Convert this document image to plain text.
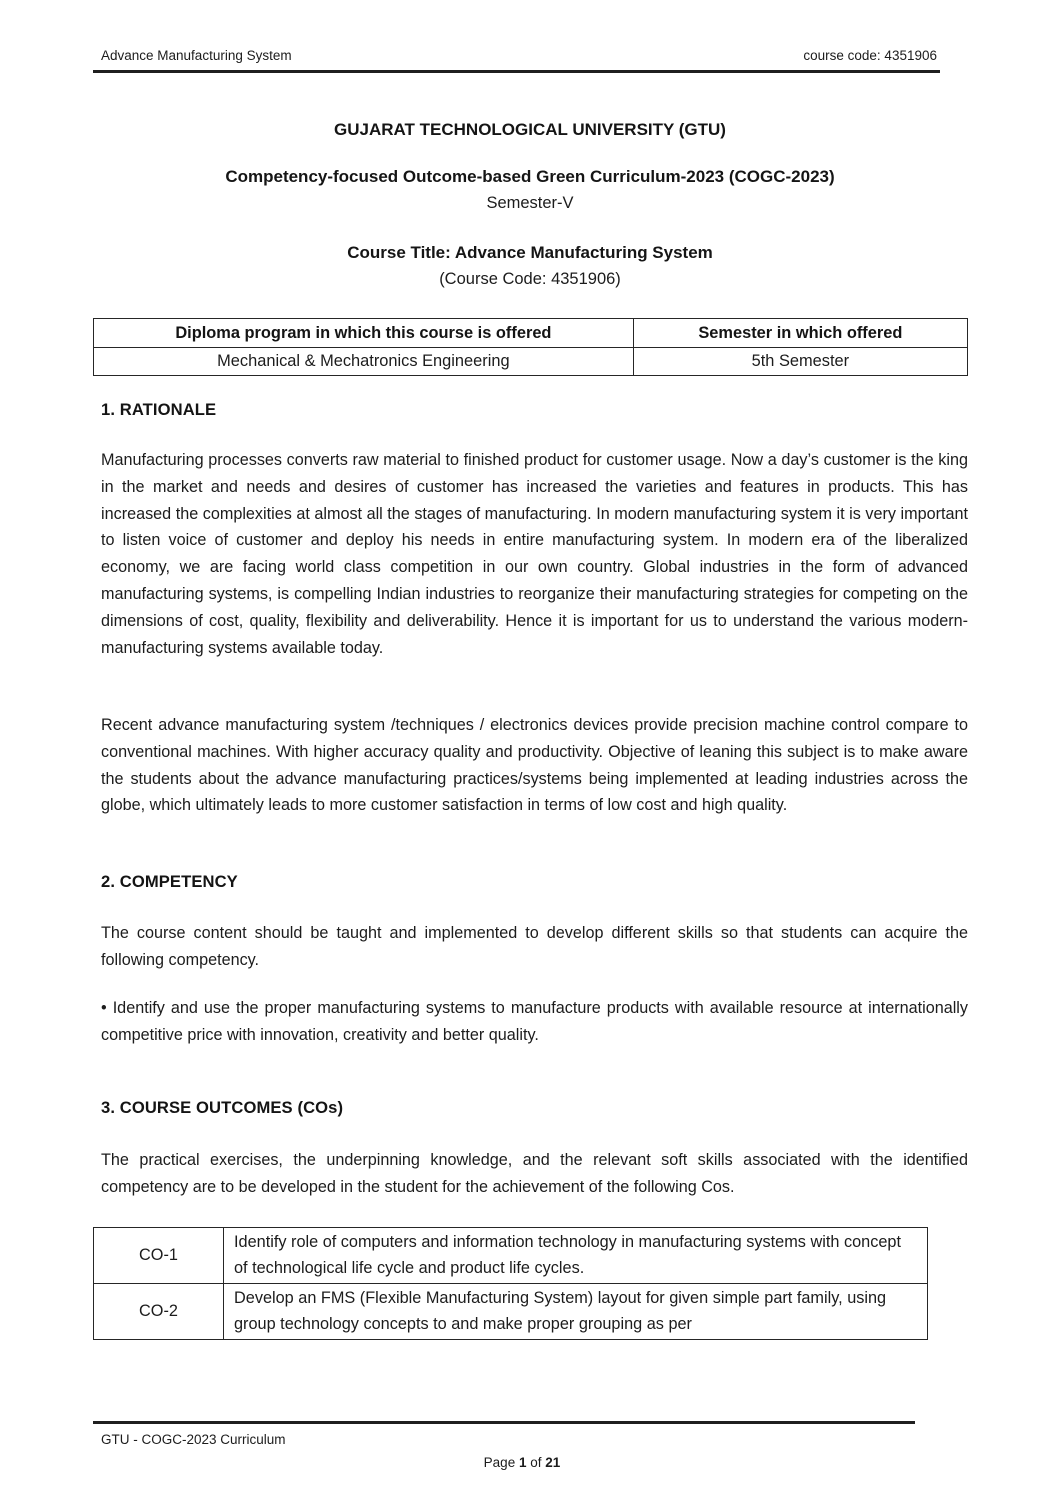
Advance Manufacturing System	course code: 4351906
GUJARAT TECHNOLOGICAL UNIVERSITY (GTU)
Competency-focused Outcome-based Green Curriculum-2023 (COGC-2023)
Semester-V
Course Title: Advance Manufacturing System
(Course Code: 4351906)
Diploma program in which this course is offered	Semester in which offered
Mechanical & Mechatronics Engineering	5th Semester
1. RATIONALE

Manufacturing processes converts raw material to finished product for customer usage. Now a day’s customer is the king in the market and needs and desires of customer has increased the varieties and features in products. This has increased the complexities at almost all the stages of manufacturing. In modern manufacturing system it is very important to listen voice of customer and deploy his needs in entire manufacturing system. In modern era of the liberalized economy, we are facing world class competition in our own country. Global industries in the form of advanced manufacturing systems, is compelling Indian industries to reorganize their manufacturing strategies for competing on the dimensions of cost, quality, flexibility and deliverability. Hence it is important for us to understand the various modern-manufacturing systems available today.

Recent advance manufacturing system /techniques / electronics devices provide precision machine control compare to conventional machines. With higher accuracy quality and productivity. Objective of leaning this subject is to make aware the students about the advance manufacturing practices/systems being implemented at leading industries across the globe, which ultimately leads to more customer satisfaction in terms of low cost and high quality.

2. COMPETENCY

The course content should be taught and implemented to develop different skills so that students can acquire the following competency.

• Identify and use the proper manufacturing systems to manufacture products with available resource at internationally competitive price with innovation, creativity and better quality.

3. COURSE OUTCOMES (COs)

The practical exercises, the underpinning knowledge, and the relevant soft skills associated with the identified competency are to be developed in the student for the achievement of the following Cos.

CO-1	Identify role of computers and information technology in manufacturing systems with concept of technological life cycle and product life cycles.
CO-2	Develop an FMS (Flexible Manufacturing System) layout for given simple part family, using group technology concepts to and make proper grouping as per
GTU - COGC-2023 Curriculum
Page 1 of 21
